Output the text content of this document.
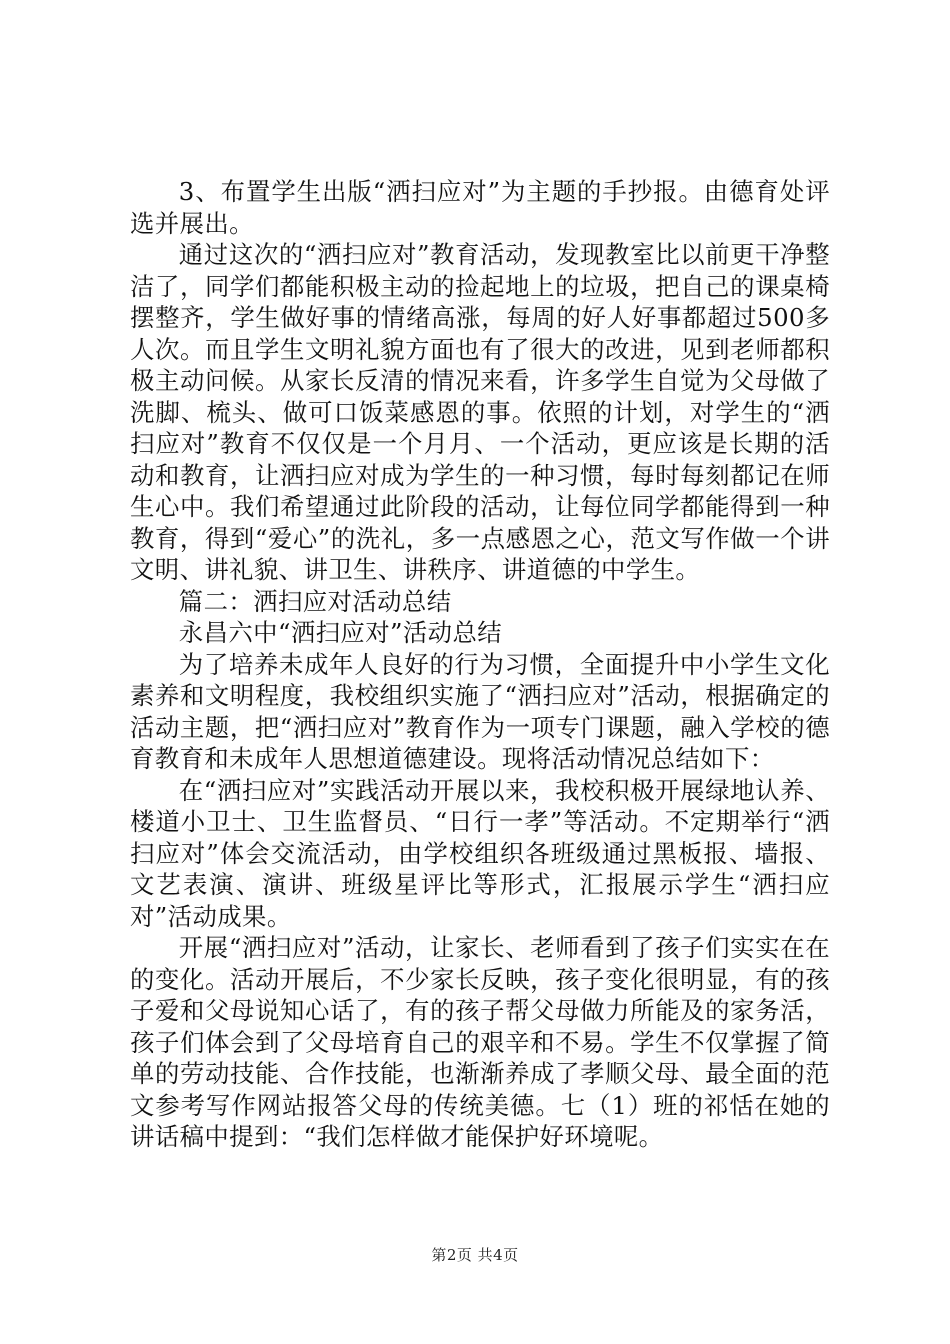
3、布置学生出版“洒扫应对”为主题的手抄报。由德育处评选并展出。

通过这次的“洒扫应对”教育活动，发现教室比以前更干净整洁了，同学们都能积极主动的捡起地上的垃圾，把自己的课桌椅摆整齐，学生做好事的情绪高涨，每周的好人好事都超过500多人次。而且学生文明礼貌方面也有了很大的改进，见到老师都积极主动问候。从家长反清的情况来看，许多学生自觉为父母做了洗脚、梳头、做可口饭菜感恩的事。依照的计划，对学生的“洒扫应对”教育不仅仅是一个月月、一个活动，更应该是长期的活动和教育，让洒扫应对成为学生的一种习惯，每时每刻都记在师生心中。我们希望通过此阶段的活动，让每位同学都能得到一种教育，得到“爱心”的洗礼，多一点感恩之心，范文写作做一个讲文明、讲礼貌、讲卫生、讲秩序、讲道德的中学生。

篇二：洒扫应对活动总结

永昌六中“洒扫应对”活动总结

为了培养未成年人良好的行为习惯，全面提升中小学生文化素养和文明程度，我校组织实施了“洒扫应对”活动，根据确定的活动主题，把“洒扫应对”教育作为一项专门课题，融入学校的德育教育和未成年人思想道德建设。现将活动情况总结如下：

在“洒扫应对”实践活动开展以来，我校积极开展绿地认养、楼道小卫士、卫生监督员、“日行一孝”等活动。不定期举行“洒扫应对”体会交流活动，由学校组织各班级通过黑板报、墙报、文艺表演、演讲、班级星评比等形式，汇报展示学生“洒扫应对”活动成果。

开展“洒扫应对”活动，让家长、老师看到了孩子们实实在在的变化。活动开展后，不少家长反映，孩子变化很明显，有的孩子爱和父母说知心话了，有的孩子帮父母做力所能及的家务活，孩子们体会到了父母培育自己的艰辛和不易。学生不仅掌握了简单的劳动技能、合作技能，也渐渐养成了孝顺父母、最全面的范文参考写作网站报答父母的传统美德。七（1）班的祁恬在她的讲话稿中提到：“我们怎样做才能保护好环境呢。

第2页 共4页
